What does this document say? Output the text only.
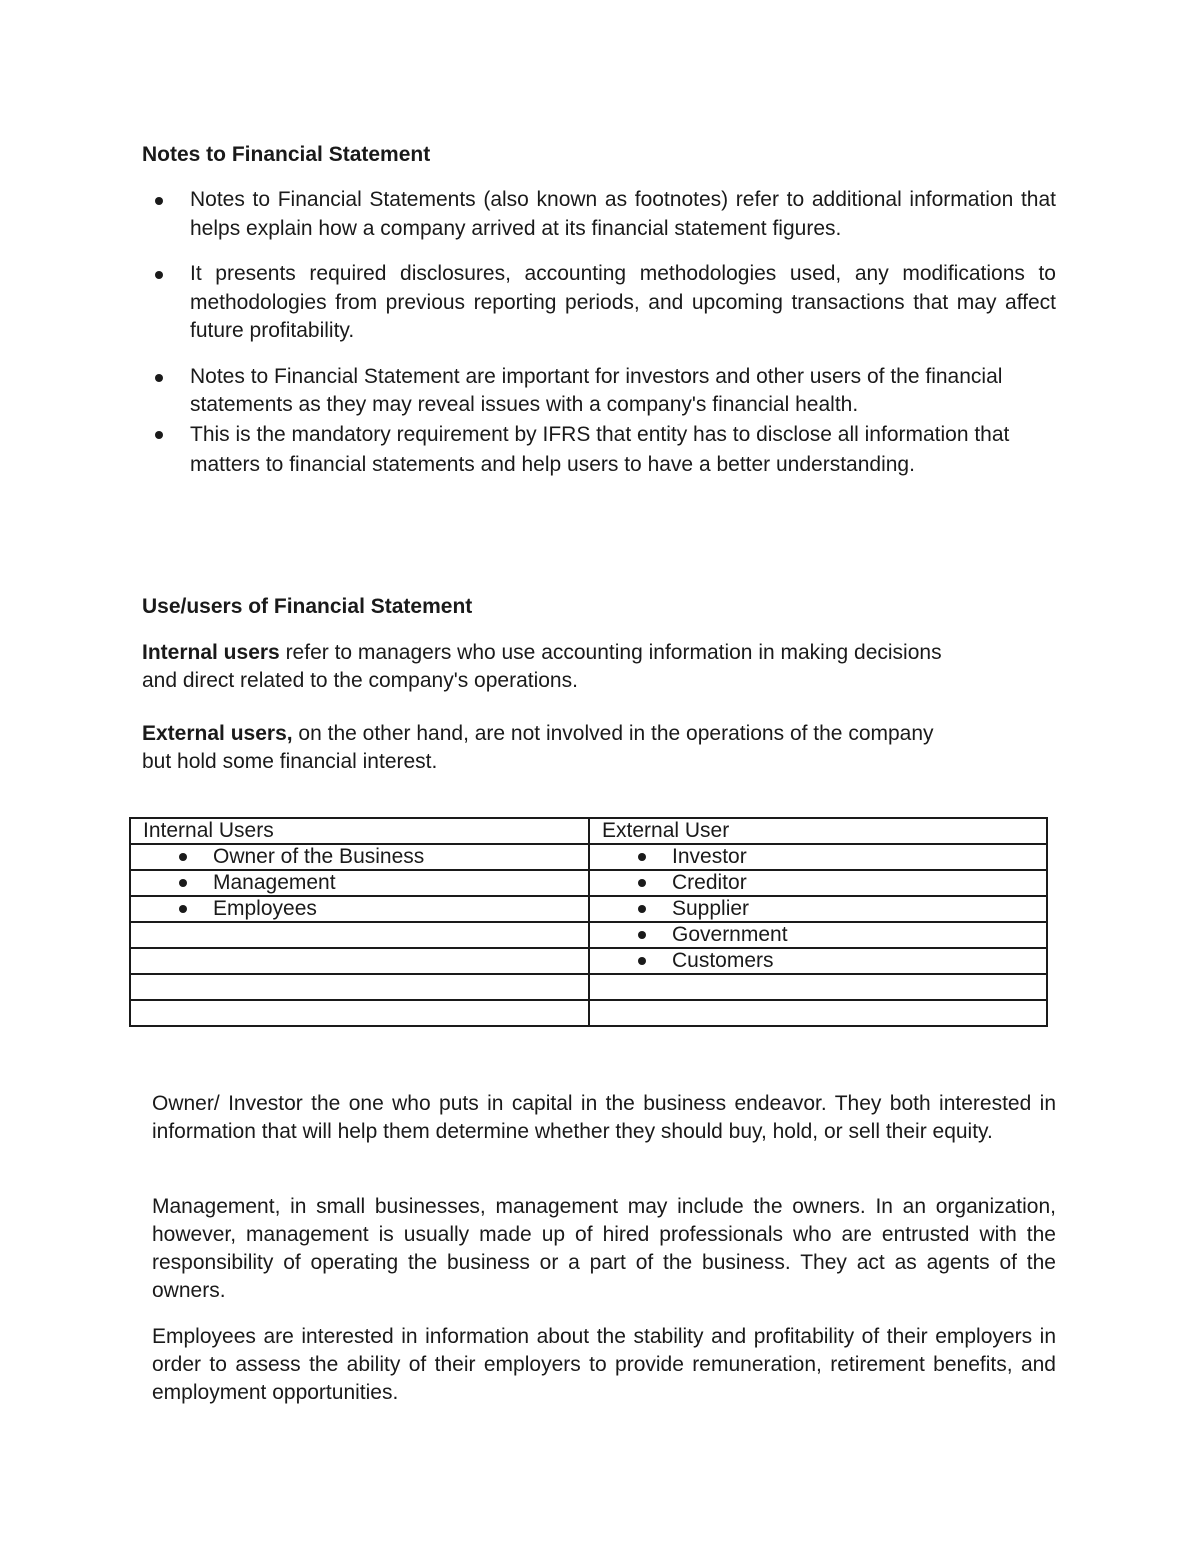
Notes to Financial Statement
Notes to Financial Statements (also known as footnotes) refer to additional information that helps explain how a company arrived at its financial statement figures.
It presents required disclosures, accounting methodologies used, any modifications to methodologies from previous reporting periods, and upcoming transactions that may affect future profitability.
Notes to Financial Statement are important for investors and other users of the financial statements as they may reveal issues with a company's financial health.
This is the mandatory requirement by IFRS that entity has to disclose all information that matters to financial statements and help users to have a better understanding.
Use/users of Financial Statement

Internal users refer to managers who use accounting information in making decisions and direct related to the company's operations.

External users, on the other hand, are not involved in the operations of the company but hold some financial interest.

Internal Users	External User
Owner of the Business	Investor
Management	Creditor
Employees	Supplier
	Government
	Customers

Owner/ Investor the one who puts in capital in the business endeavor. They both interested in information that will help them determine whether they should buy, hold, or sell their equity.

Management, in small businesses, management may include the owners. In an organization, however, management is usually made up of hired professionals who are entrusted with the responsibility of operating the business or a part of the business. They act as agents of the owners.

Employees are interested in information about the stability and profitability of their employers in order to assess the ability of their employers to provide remuneration, retirement benefits, and employment opportunities.
